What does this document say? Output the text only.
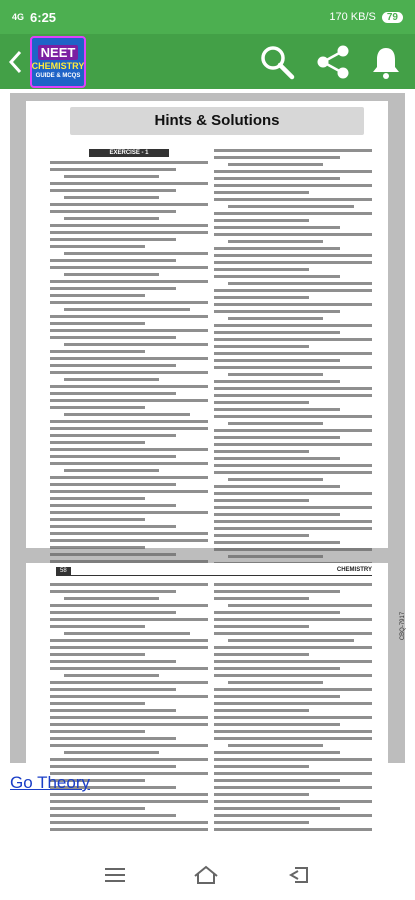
4G 6:25	170 KB/S	79
NEET
CHEMISTRY
GUIDE & MCQS
Hints & Solutions
EXERCISE - 1
58	CHEMISTRY
CBQ-7917
Go Theory
